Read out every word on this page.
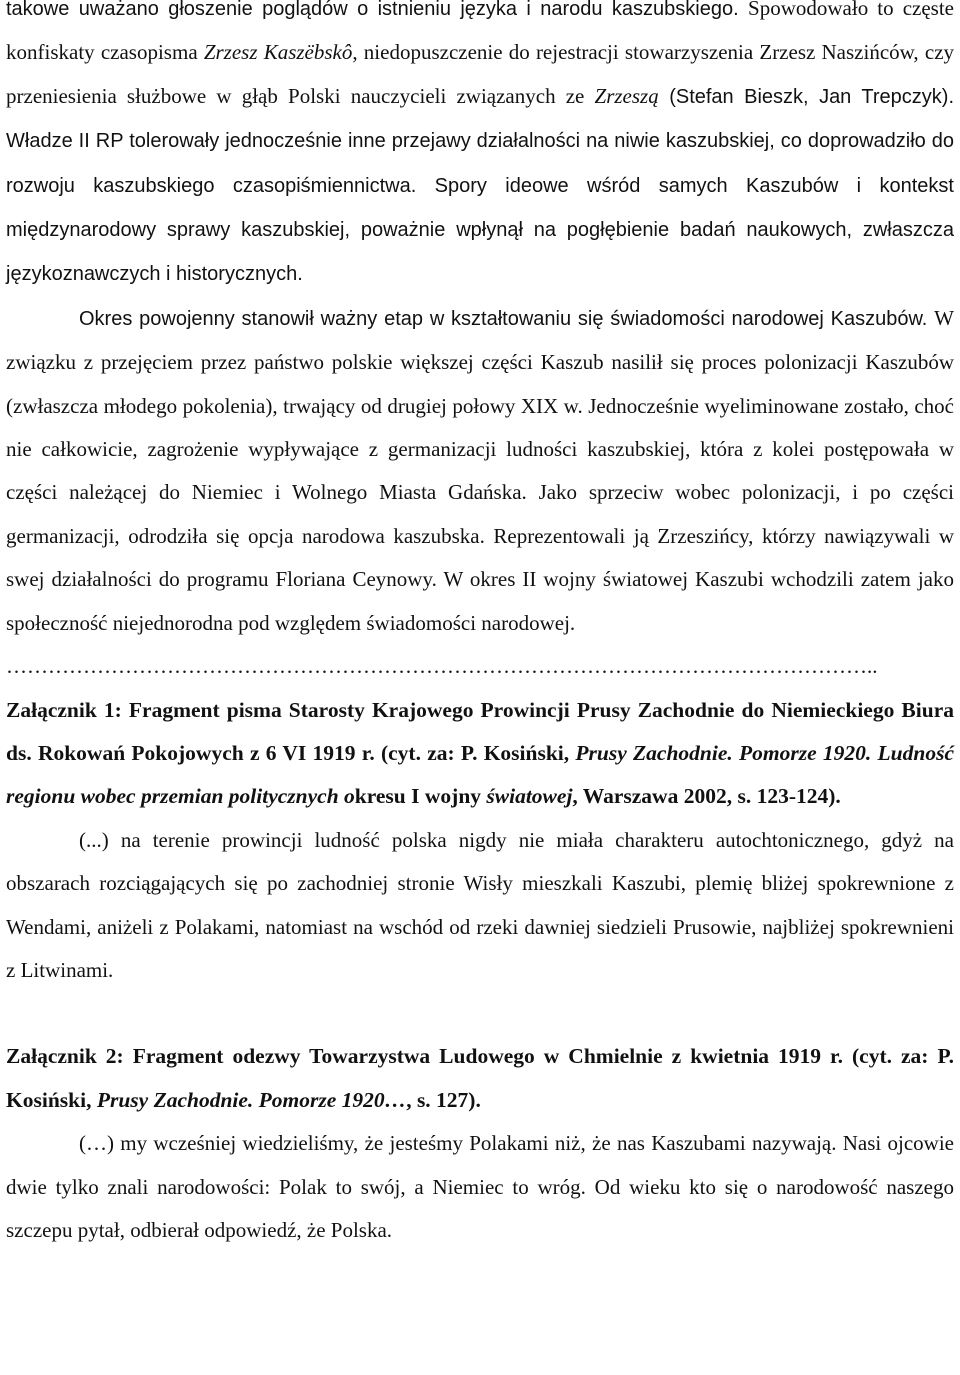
takowe uważano głoszenie poglądów o istnieniu języka i narodu kaszubskiego. Spowodowało to częste konfiskaty czasopisma Zrzesz Kaszëbskô, niedopuszczenie do rejestracji stowarzyszenia Zrzesz Naszińców, czy przeniesienia służbowe w głąb Polski nauczycieli związanych ze Zrzeszą (Stefan Bieszk, Jan Trepczyk). Władze II RP tolerowały jednocześnie inne przejawy działalności na niwie kaszubskiej, co doprowadziło do rozwoju kaszubskiego czasopiśmiennictwa. Spory ideowe wśród samych Kaszubów i kontekst międzynarodowy sprawy kaszubskiej, poważnie wpłynął na pogłębienie badań naukowych, zwłaszcza językoznawczych i historycznych.

Okres powojenny stanowił ważny etap w kształtowaniu się świadomości narodowej Kaszubów. W związku z przejęciem przez państwo polskie większej części Kaszub nasilił się proces polonizacji Kaszubów (zwłaszcza młodego pokolenia), trwający od drugiej połowy XIX w. Jednocześnie wyeliminowane zostało, choć nie całkowicie, zagrożenie wypływające z germanizacji ludności kaszubskiej, która z kolei postępowała w części należącej do Niemiec i Wolnego Miasta Gdańska. Jako sprzeciw wobec polonizacji, i po części germanizacji, odrodziła się opcja narodowa kaszubska. Reprezentowali ją Zrzeszińcy, którzy nawiązywali w swej działalności do programu Floriana Ceynowy. W okres II wojny światowej Kaszubi wchodzili zatem jako społeczność niejednorodna pod względem świadomości narodowej.

……………………………………………………………………………………………………………..

Załącznik 1: Fragment pisma Starosty Krajowego Prowincji Prusy Zachodnie do Niemieckiego Biura ds. Rokowań Pokojowych z 6 VI 1919 r. (cyt. za: P. Kosiński, Prusy Zachodnie. Pomorze 1920. Ludność regionu wobec przemian politycznych okresu I wojny światowej, Warszawa 2002, s. 123-124).

(...) na terenie prowincji ludność polska nigdy nie miała charakteru autochtonicznego, gdyż na obszarach rozciągających się po zachodniej stronie Wisły mieszkali Kaszubi, plemię bliżej spokrewnione z Wendami, aniżeli z Polakami, natomiast na wschód od rzeki dawniej siedzieli Prusowie, najbliżej spokrewnieni z Litwinami.

Załącznik 2: Fragment odezwy Towarzystwa Ludowego w Chmielnie z kwietnia 1919 r. (cyt. za: P. Kosiński, Prusy Zachodnie. Pomorze 1920…, s. 127).

(…) my wcześniej wiedzieliśmy, że jesteśmy Polakami niż, że nas Kaszubami nazywają. Nasi ojcowie dwie tylko znali narodowości: Polak to swój, a Niemiec to wróg. Od wieku kto się o narodowość naszego szczepu pytał, odbierał odpowiedź, że Polska.
